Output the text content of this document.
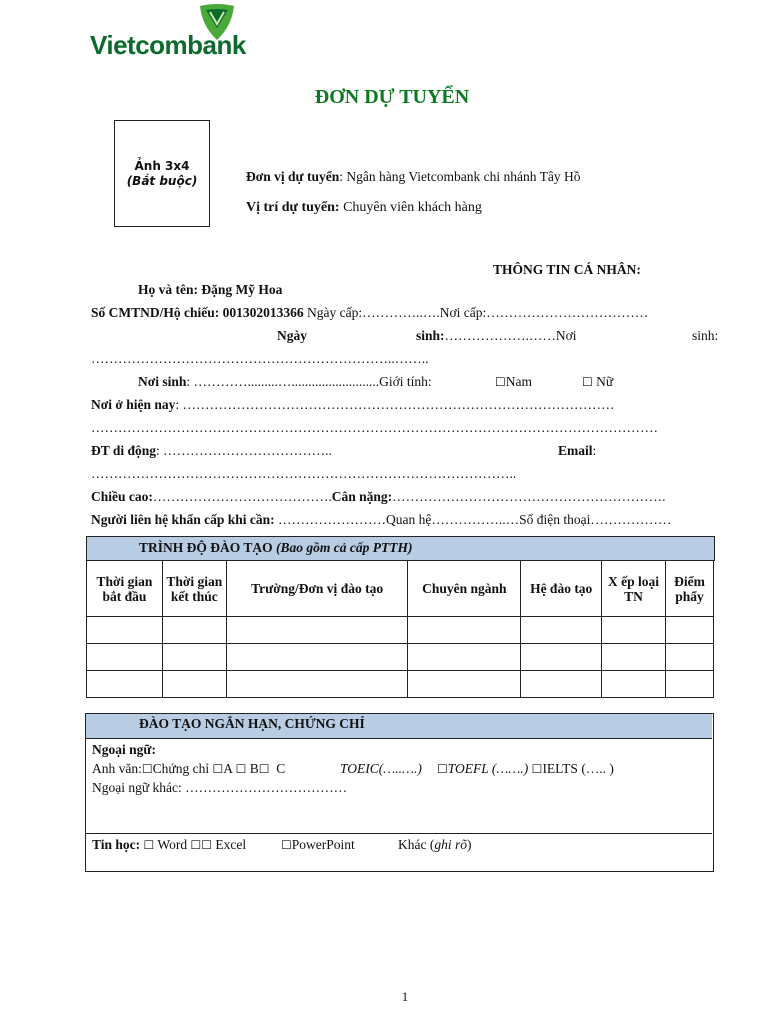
Vietcombank
ĐƠN DỰ TUYỂN
Ảnh 3x4
(Bắt buộc)	Đơn vị dự tuyển: Ngân hàng Vietcombank chi nhánh Tây Hồ
Vị trí dự tuyển: Chuyên viên khách hàng
THÔNG TIN CÁ NHÂN:
Họ và tên: Đặng Mỹ Hoa
Số CMTND/Hộ chiếu: 001302013366 Ngày cấp:…………..….Nơi cấp:………………………………
Ngày	sinh:……………….……Nơi	sinh:
…………………………………………………………..……..
Nơi sinh: ………….........…..........................Giới tính:	☐Nam	☐ Nữ
Nơi ở hiện nay: ……………………………………………………………………………………
………………………………………………………………………………………………………………
ĐT di động: ………………………………..	Email:
…………………………………………………………………………………..
Chiều cao:………………………………….Cân nặng:…………………………………………………….
Người liên hệ khẩn cấp khi cần: ……………………Quan hệ……………..…Số điện thoại………………
TRÌNH ĐỘ ĐÀO TẠO (Bao gồm cả cấp PTTH)
Thời gian bắt đầu	Thời gian kết thúc	Trường/Đơn vị đào tạo	Chuyên ngành	Hệ đào tạo	X ếp loại TN	Điểm phẩy

ĐÀO TẠO NGẮN HẠN, CHỨNG CHỈ
Ngoại ngữ:
Anh văn:☐Chứng chỉ ☐A ☐ B☐ C	TOEIC(…..….) ☐TOEFL (…….) ☐IELTS (….. )
Ngoại ngữ khác: ………………………………
Tin học: ☐ Word ☐☐ Excel	☐PowerPoint	Khác (ghi rõ)
1
